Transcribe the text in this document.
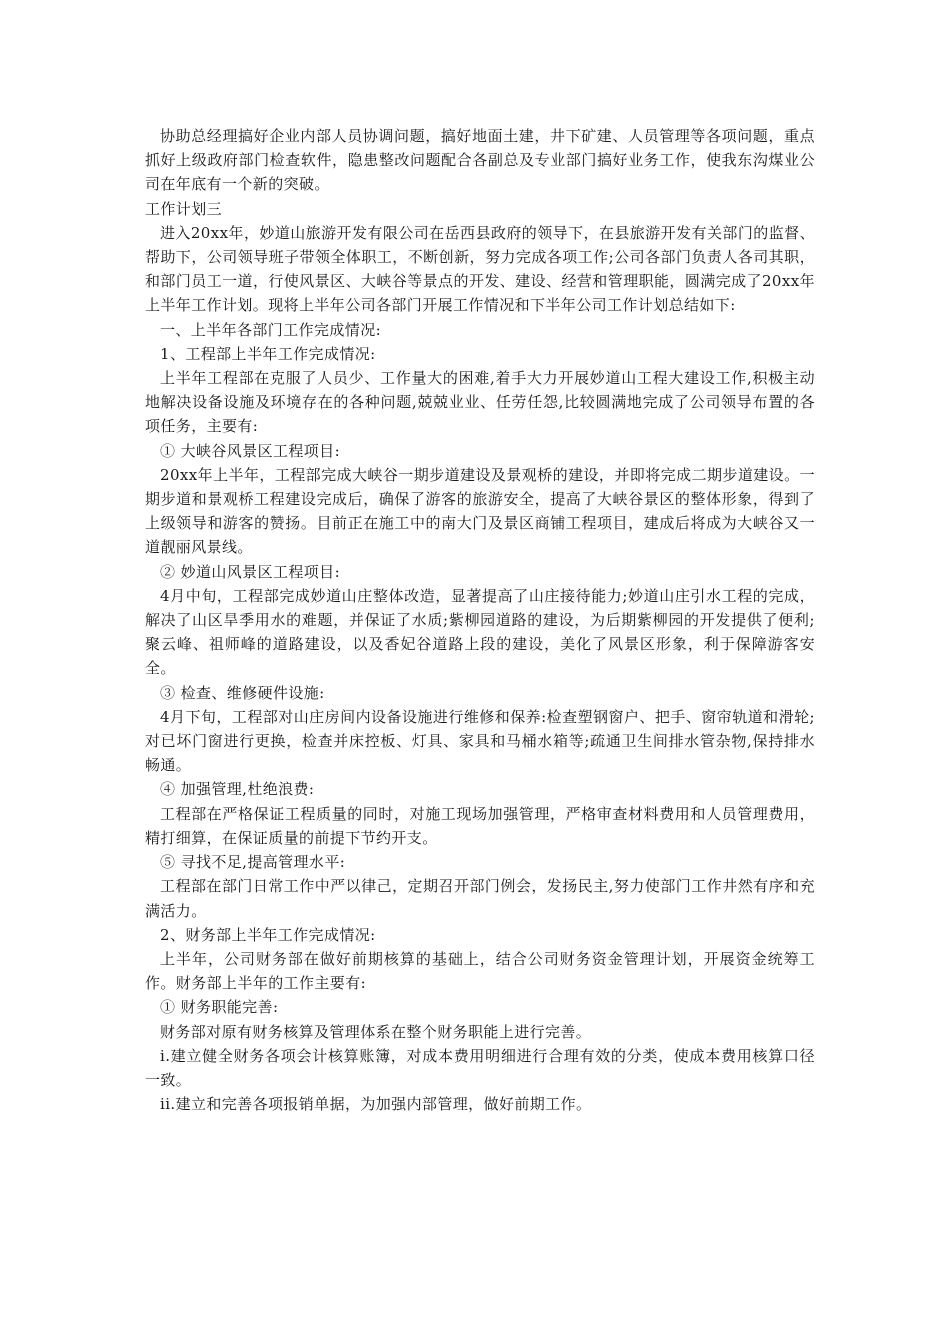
协助总经理搞好企业内部人员协调问题，搞好地面土建，井下矿建、人员管理等各项问题，重点抓好上级政府部门检查软件，隐患整改问题配合各副总及专业部门搞好业务工作，使我东沟煤业公司在年底有一个新的突破。

工作计划三

进入20xx年，妙道山旅游开发有限公司在岳西县政府的领导下，在县旅游开发有关部门的监督、帮助下，公司领导班子带领全体职工，不断创新，努力完成各项工作;公司各部门负责人各司其职，和部门员工一道，行使风景区、大峡谷等景点的开发、建设、经营和管理职能，圆满完成了20xx年上半年工作计划。现将上半年公司各部门开展工作情况和下半年公司工作计划总结如下:

一、上半年各部门工作完成情况:

1、工程部上半年工作完成情况:

上半年工程部在克服了人员少、工作量大的困难,着手大力开展妙道山工程大建设工作,积极主动地解决设备设施及环境存在的各种问题,兢兢业业、任劳任怨,比较圆满地完成了公司领导布置的各项任务，主要有:

① 大峡谷风景区工程项目:

20xx年上半年，工程部完成大峡谷一期步道建设及景观桥的建设，并即将完成二期步道建设。一期步道和景观桥工程建设完成后，确保了游客的旅游安全，提高了大峡谷景区的整体形象，得到了上级领导和游客的赞扬。目前正在施工中的南大门及景区商铺工程项目，建成后将成为大峡谷又一道靓丽风景线。

② 妙道山风景区工程项目:

4月中旬，工程部完成妙道山庄整体改造，显著提高了山庄接待能力;妙道山庄引水工程的完成，解决了山区旱季用水的难题，并保证了水质;紫柳园道路的建设，为后期紫柳园的开发提供了便利;聚云峰、祖师峰的道路建设，以及香妃谷道路上段的建设，美化了风景区形象，利于保障游客安全。

③ 检查、维修硬件设施:

4月下旬，工程部对山庄房间内设备设施进行维修和保养:检查塑钢窗户、把手、窗帘轨道和滑轮;对已坏门窗进行更换，检查并床控板、灯具、家具和马桶水箱等;疏通卫生间排水管杂物,保持排水畅通。

④ 加强管理,杜绝浪费:

工程部在严格保证工程质量的同时，对施工现场加强管理，严格审查材料费用和人员管理费用，精打细算，在保证质量的前提下节约开支。

⑤ 寻找不足,提高管理水平:

工程部在部门日常工作中严以律己，定期召开部门例会，发扬民主,努力使部门工作井然有序和充满活力。

2、财务部上半年工作完成情况:

上半年，公司财务部在做好前期核算的基础上，结合公司财务资金管理计划，开展资金统筹工作。财务部上半年的工作主要有:

① 财务职能完善:

财务部对原有财务核算及管理体系在整个财务职能上进行完善。

i.建立健全财务各项会计核算账簿，对成本费用明细进行合理有效的分类，使成本费用核算口径一致。

ii.建立和完善各项报销单据，为加强内部管理，做好前期工作。
